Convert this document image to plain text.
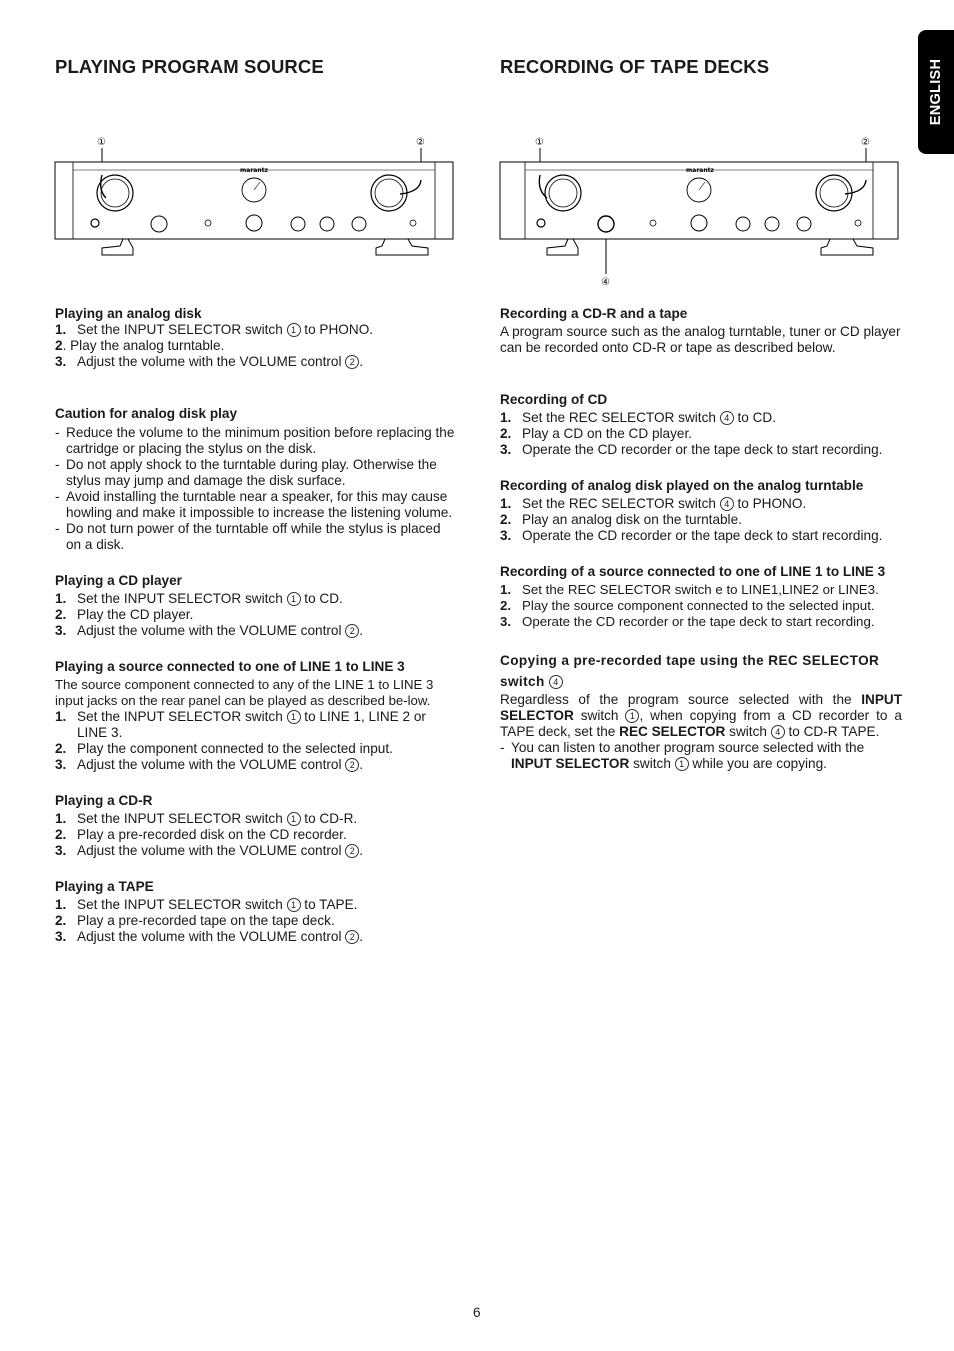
ENGLISH
PLAYING PROGRAM SOURCE	RECORDING OF TAPE DECKS
①	②
marantz
①	②
④
marantz

Playing an analog disk

1. Set the INPUT SELECTOR switch 1 to PHONO.

2. Play the analog turntable.

3. Adjust the volume with the VOLUME control 2 .

Caution for analog disk play

- Reduce the volume to the minimum position before replacing the cartridge or placing the stylus on the disk.

- Do not apply shock to the turntable during play. Otherwise the stylus may jump and damage the disk surface.

- Avoid installing the turntable near a speaker, for this may cause howling and make it impossible to increase the listening volume.

- Do not turn power of the turntable off while the stylus is placed on a disk.

Playing a CD player

1. Set the INPUT SELECTOR switch 1 to CD.

2. Play the CD player.

3. Adjust the volume with the VOLUME control 2 .

Playing a source connected to one of LINE 1 to LINE 3

The source component connected to any of the LINE 1 to LINE 3 input jacks on the rear panel can be played as described be-low.

1. Set the INPUT SELECTOR switch 1 to LINE 1, LINE 2 or LINE 3.

2. Play the component connected to the selected input.

3. Adjust the volume with the VOLUME control 2 .

Playing a CD-R

1. Set the INPUT SELECTOR switch 1 to CD-R.

2. Play a pre-recorded disk on the CD recorder.

3. Adjust the volume with the VOLUME control 2 .

Playing a TAPE

1. Set the INPUT SELECTOR switch 1 to TAPE.

2. Play a pre-recorded tape on the tape deck.

3. Adjust the volume with the VOLUME control 2 .

Recording a CD-R and a tape

A program source such as the analog turntable, tuner or CD player can be recorded onto CD-R or tape as described below.

Recording of CD

1. Set the REC SELECTOR switch 4 to CD.

2. Play a CD on the CD player.

3. Operate the CD recorder or the tape deck to start recording.

Recording of analog disk played on the analog turntable

1. Set the REC SELECTOR switch 4 to PHONO.

2. Play an analog disk on the turntable.

3. Operate the CD recorder or the tape deck to start recording.

Recording of a source connected to one of LINE 1 to LINE 3

1. Set the REC SELECTOR switch e to LINE1,LINE2 or LINE3.

2. Play the source component connected to the selected input.

3. Operate the CD recorder or the tape deck to start recording.

Copying a pre-recorded tape using the REC SELECTOR
switch 4

Regardless of the program source selected with the INPUT SELECTOR switch 1 , when copying from a CD recorder to a TAPE deck, set the REC SELECTOR switch 4 to CD-R TAPE.

- You can listen to another program source selected with the INPUT SELECTOR switch 1 while you are copying.

6
